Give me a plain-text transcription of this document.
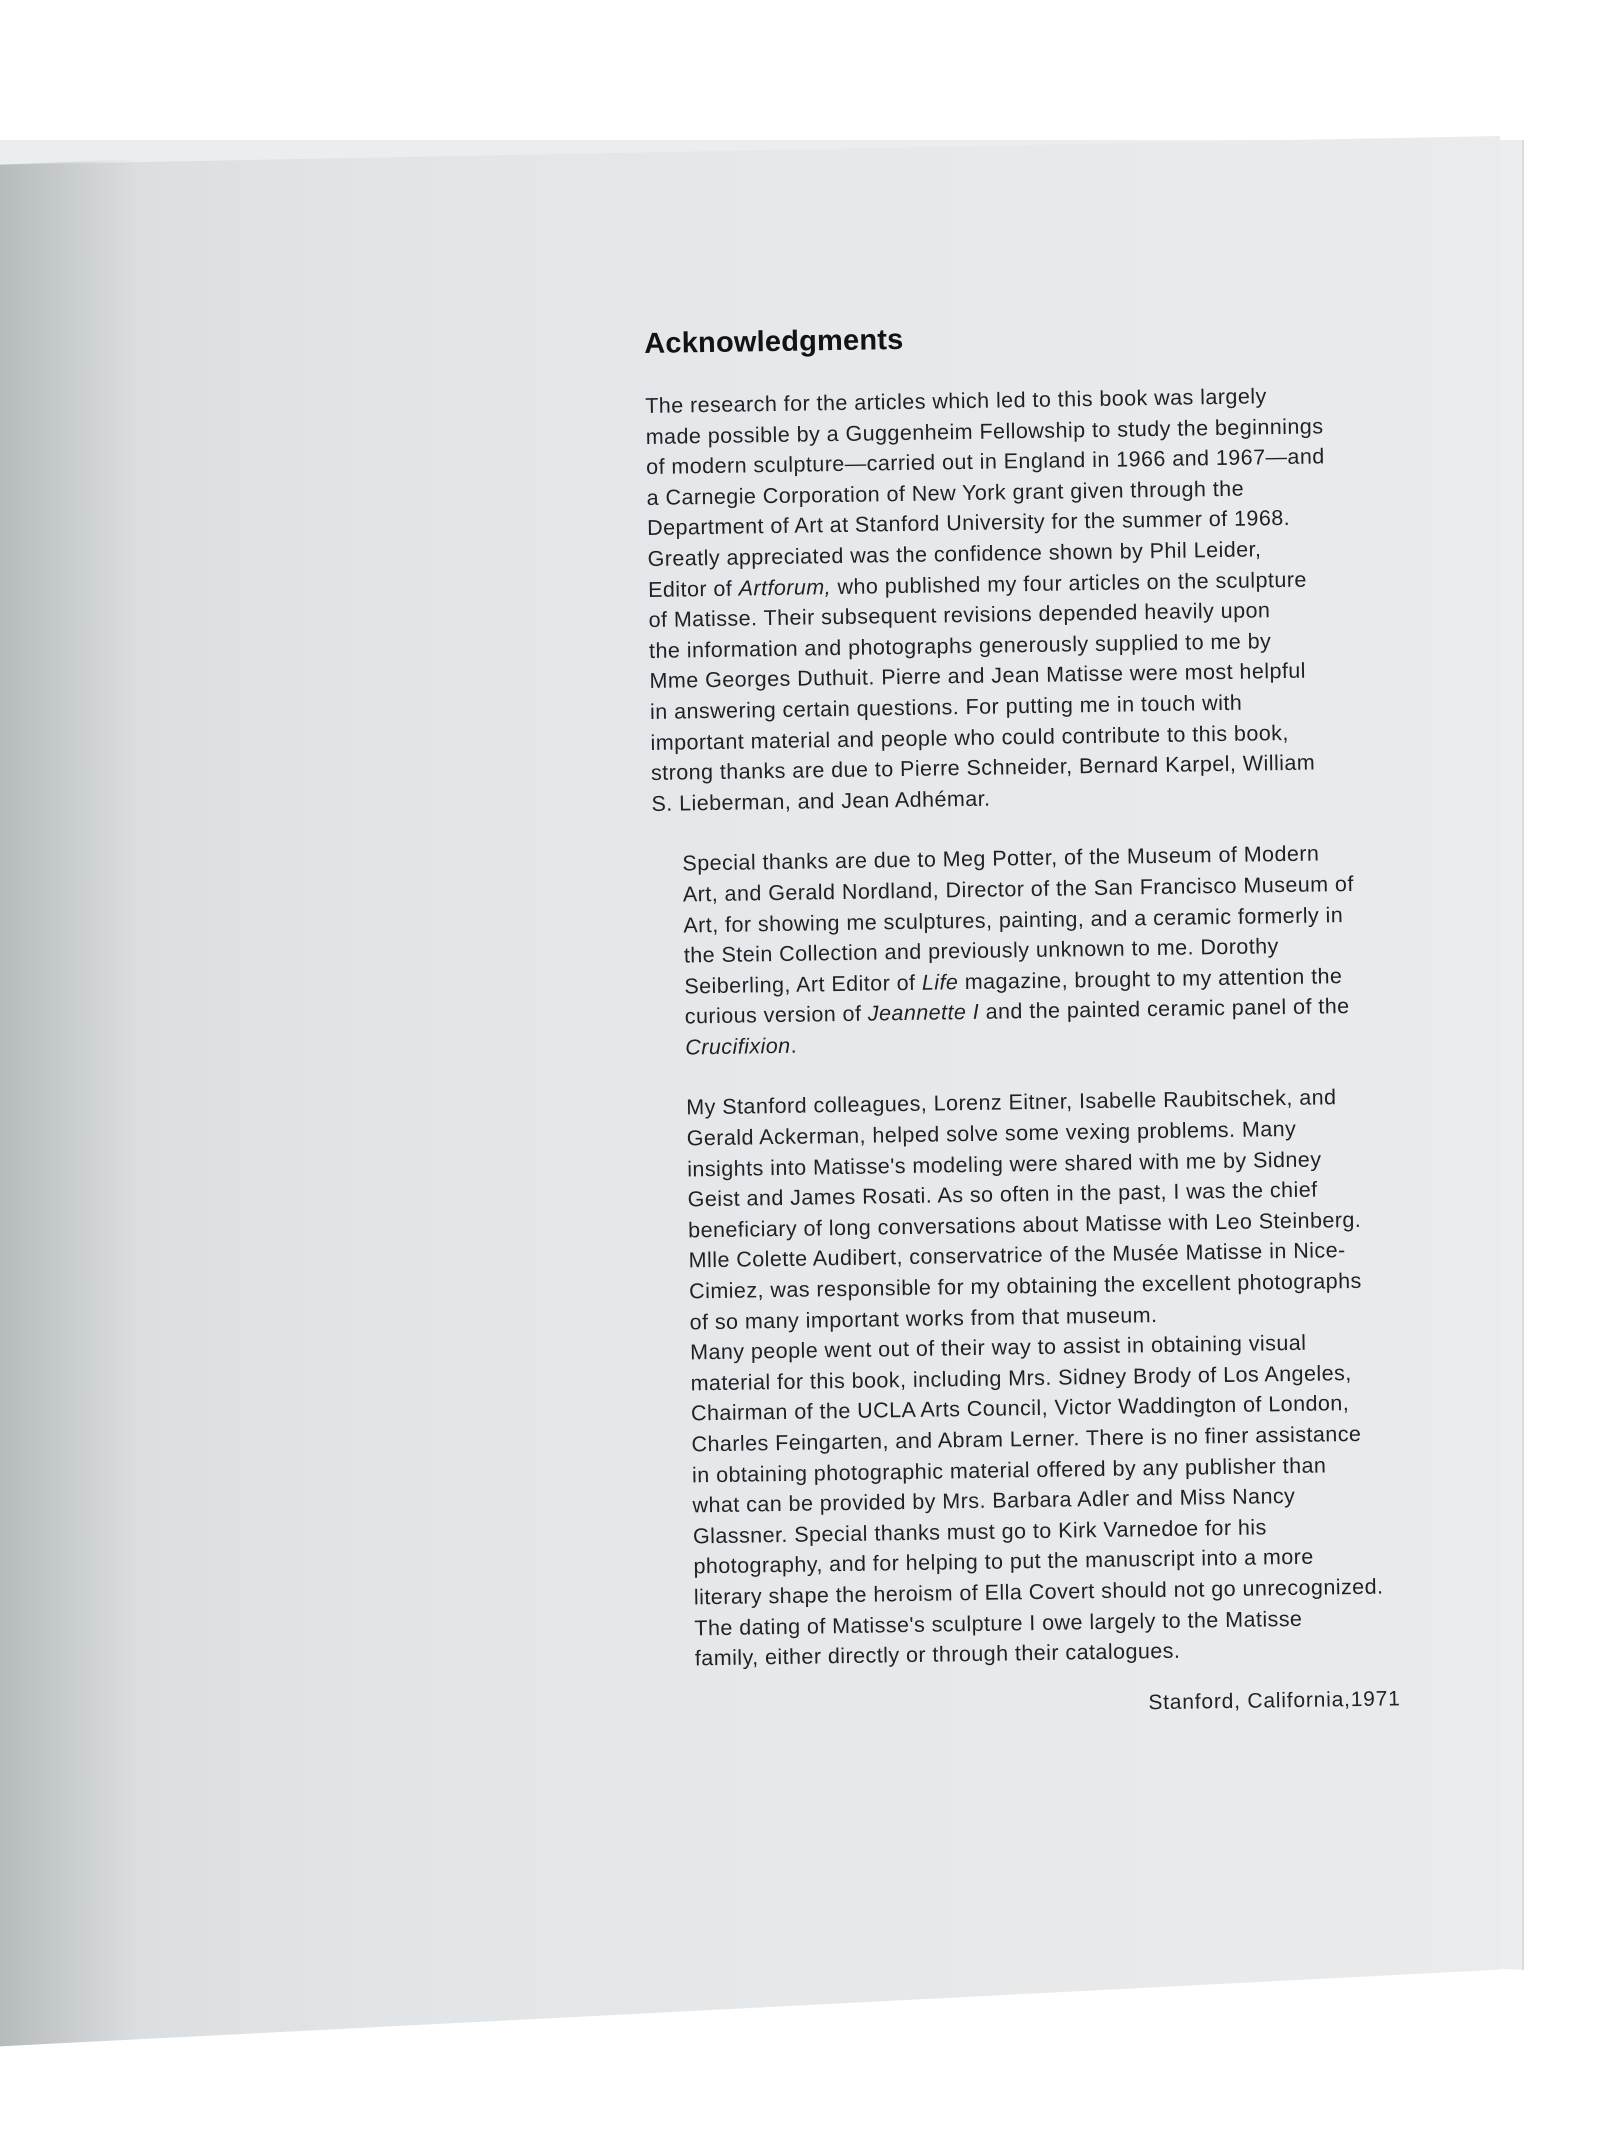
Acknowledgments

The research for the articles which led to this book was largely
made possible by a Guggenheim Fellowship to study the beginnings
of modern sculpture—carried out in England in 1966 and 1967—and
a Carnegie Corporation of New York grant given through the
Department of Art at Stanford University for the summer of 1968.
Greatly appreciated was the confidence shown by Phil Leider,
Editor of Artforum, who published my four articles on the sculpture
of Matisse. Their subsequent revisions depended heavily upon
the information and photographs generously supplied to me by
Mme Georges Duthuit. Pierre and Jean Matisse were most helpful
in answering certain questions. For putting me in touch with
important material and people who could contribute to this book,
strong thanks are due to Pierre Schneider, Bernard Karpel, William
S. Lieberman, and Jean Adhémar.

Special thanks are due to Meg Potter, of the Museum of Modern
Art, and Gerald Nordland, Director of the San Francisco Museum of
Art, for showing me sculptures, painting, and a ceramic formerly in
the Stein Collection and previously unknown to me. Dorothy
Seiberling, Art Editor of Life magazine, brought to my attention the
curious version of Jeannette I and the painted ceramic panel of the
Crucifixion.

My Stanford colleagues, Lorenz Eitner, Isabelle Raubitschek, and
Gerald Ackerman, helped solve some vexing problems. Many
insights into Matisse's modeling were shared with me by Sidney
Geist and James Rosati. As so often in the past, I was the chief
beneficiary of long conversations about Matisse with Leo Steinberg.
Mlle Colette Audibert, conservatrice of the Musée Matisse in Nice-
Cimiez, was responsible for my obtaining the excellent photographs
of so many important works from that museum.

Many people went out of their way to assist in obtaining visual
material for this book, including Mrs. Sidney Brody of Los Angeles,
Chairman of the UCLA Arts Council, Victor Waddington of London,
Charles Feingarten, and Abram Lerner. There is no finer assistance
in obtaining photographic material offered by any publisher than
what can be provided by Mrs. Barbara Adler and Miss Nancy
Glassner. Special thanks must go to Kirk Varnedoe for his
photography, and for helping to put the manuscript into a more
literary shape the heroism of Ella Covert should not go unrecognized.

The dating of Matisse's sculpture I owe largely to the Matisse
family, either directly or through their catalogues.

Stanford, California,1971
